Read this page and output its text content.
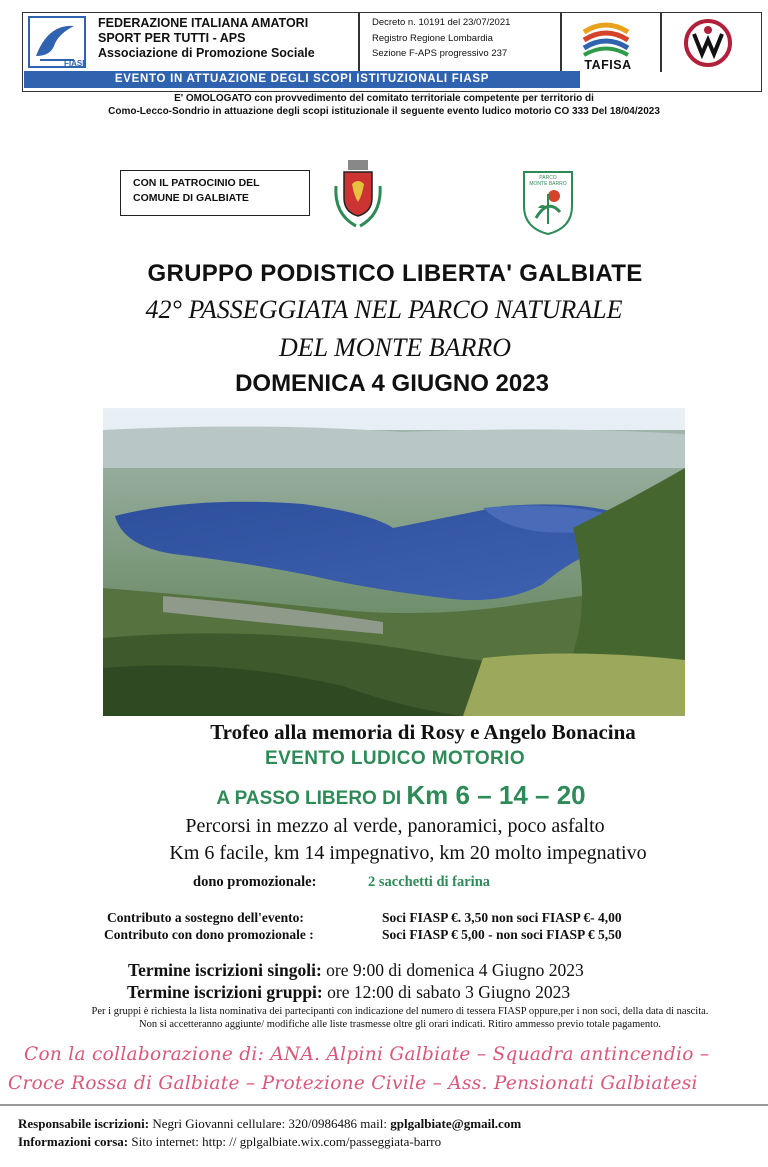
FIASP
FEDERAZIONE ITALIANA AMATORI
SPORT PER TUTTI - APS
Associazione di Promozione Sociale
Decreto n. 10191 del 23/07/2021
Registro Regione Lombardia
Sezione F-APS progressivo 237
TAFISA
EVENTO IN ATTUAZIONE DEGLI SCOPI ISTITUZIONALI FIASP
E' OMOLOGATO con provvedimento del comitato territoriale competente per territorio di
Como-Lecco-Sondrio in attuazione degli scopi istituzionale il seguente evento ludico motorio CO 333 Del 18/04/2023
CON IL PATROCINIO DEL
COMUNE DI GALBIATE
PARCO
MONTE BARRO
GRUPPO PODISTICO LIBERTA' GALBIATE
42° PASSEGGIATA NEL PARCO NATURALE
DEL MONTE BARRO
DOMENICA 4 GIUGNO 2023
Trofeo alla memoria di Rosy e Angelo Bonacina
EVENTO LUDICO MOTORIO
A PASSO LIBERO DI Km 6 – 14 – 20
Percorsi in mezzo al verde, panoramici, poco asfalto
Km 6 facile, km 14 impegnativo, km 20 molto impegnativo
dono promozionale:	2 sacchetti di farina
Contributo a sostegno dell'evento:	Soci FIASP €. 3,50 non soci FIASP €- 4,00
Contributo con dono promozionale :	Soci FIASP € 5,00 - non soci FIASP € 5,50
Termine iscrizioni singoli: ore 9:00 di domenica 4 Giugno 2023
Termine iscrizioni gruppi: ore 12:00 di sabato 3 Giugno 2023
Per i gruppi è richiesta la lista nominativa dei partecipanti con indicazione del numero di tessera FIASP oppure,per i non soci, della data di nascita.
Non si accetteranno aggiunte/ modifiche alle liste trasmesse oltre gli orari indicati. Ritiro ammesso previo totale pagamento.
Con la collaborazione di: ANA. Alpini Galbiate – Squadra antincendio –
Croce Rossa di Galbiate – Protezione Civile – Ass. Pensionati Galbiatesi
Responsabile iscrizioni: Negri Giovanni cellulare: 320/0986486 mail: gplgalbiate@gmail.com
Informazioni corsa: Sito internet: http: // gplgalbiate.wix.com/passeggiata-barro
